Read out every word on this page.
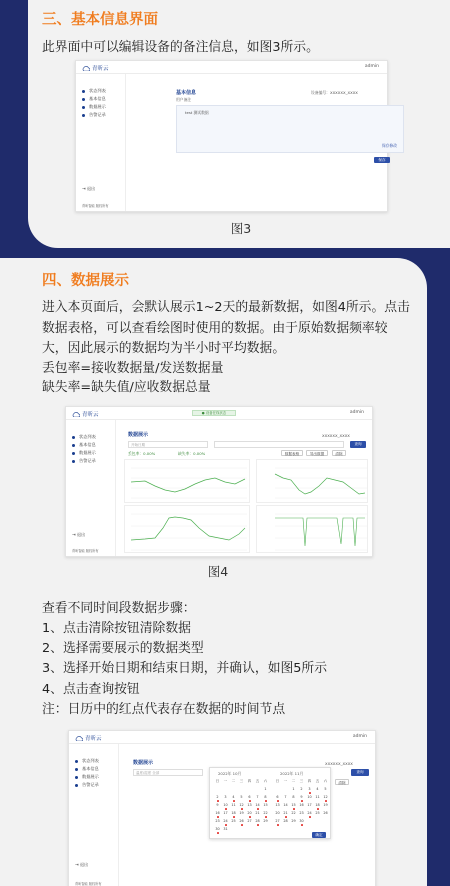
三、基本信息界面
此界面中可以编辑设备的备注信息，如图3所示。
青昕云	admin
状态列表
基本信息
数据展示
告警记录
⇥ 退出
青昕智能 版权所有
基本信息	设备编号：XXXXXX_XXXX
用户备注
test 测试数据
保存修改
保存
图3
四、数据展示
进入本页面后，会默认展示1~2天的最新数据，如图4所示。点击
数据表格，可以查看绘图时使用的数据。由于原始数据频率较
大，因此展示的数据均为半小时平均数据。
丢包率=接收数据量/发送数据量
缺失率=缺失值/应收数据总量
青昕云	● 设备在线状态	admin
状态列表
基本信息
数据展示
告警记录
⇥ 退出
青昕智能 版权所有
数据展示	XXXXXX_XXXX
开始日期	查询
丢包率：0.00%	缺失率：0.00%	数据表格	导出数据	清除
图4
查看不同时间段数据步骤：
1、点击清除按钮清除数据
2、选择需要展示的数据类型
3、选择开始日期和结束日期，并确认，如图5所示
4、点击查询按钮
注：日历中的红点代表存在数据的时间节点
青昕云	admin
状态列表
基本信息
数据展示
告警记录
⇥ 退出
青昕智能 版权所有
数据展示	XXXXXX_XXXX
温度/湿度 全部	查询
清除
2022年 10月	2022年 11月
日	一	二	三	四	五	六
1
2	3	4	5	6	7	8
9	10	11	12	13	14	15
16	17	18	19	20	21	22
23	24	25	26	27	28	29
30	31
日	一	二	三	四	五	六
1	2	3	4	5
6	7	8	9	10	11	12
13	14	15	16	17	18	19
20	21	22	23	24	25	26
27	28	29	30
确定
